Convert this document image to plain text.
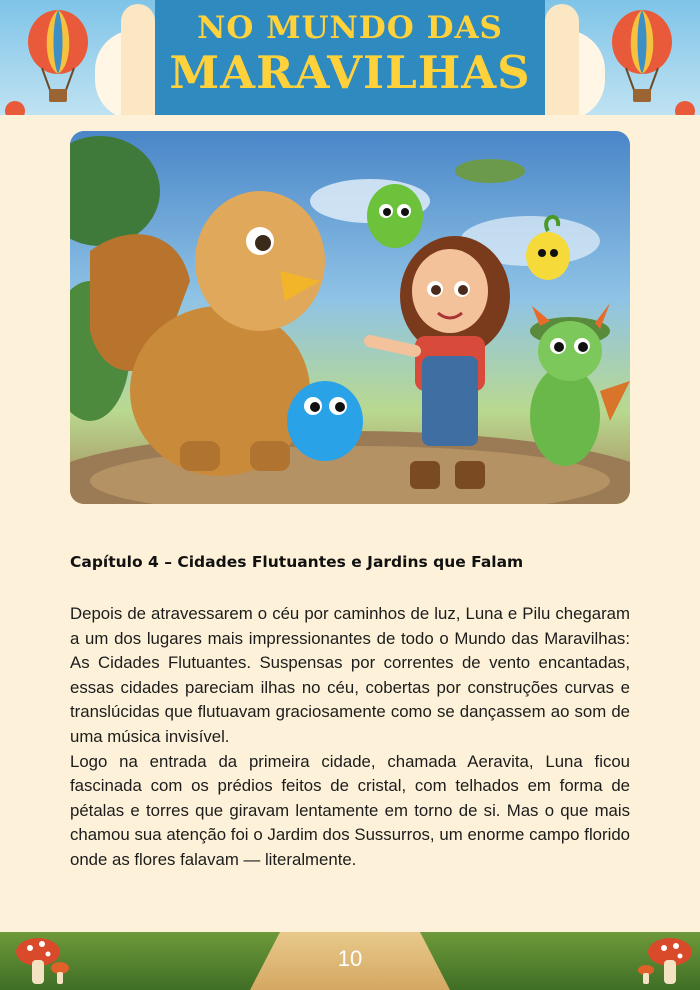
NO MUNDO DAS
MARAVILHAS
Capítulo 4 – Cidades Flutuantes e Jardins que Falam

Depois de atravessarem o céu por caminhos de luz, Luna e Pilu chegaram a um dos lugares mais impressionantes de todo o Mundo das Maravilhas: As Cidades Flutuantes. Suspensas por correntes de vento encantadas, essas cidades pareciam ilhas no céu, cobertas por construções curvas e translúcidas que flutuavam graciosamente como se dançassem ao som de uma música invisível.

Logo na entrada da primeira cidade, chamada Aeravita, Luna ficou fascinada com os prédios feitos de cristal, com telhados em forma de pétalas e torres que giravam lentamente em torno de si. Mas o que mais chamou sua atenção foi o Jardim dos Sussurros, um enorme campo florido onde as flores falavam — literalmente.

10
